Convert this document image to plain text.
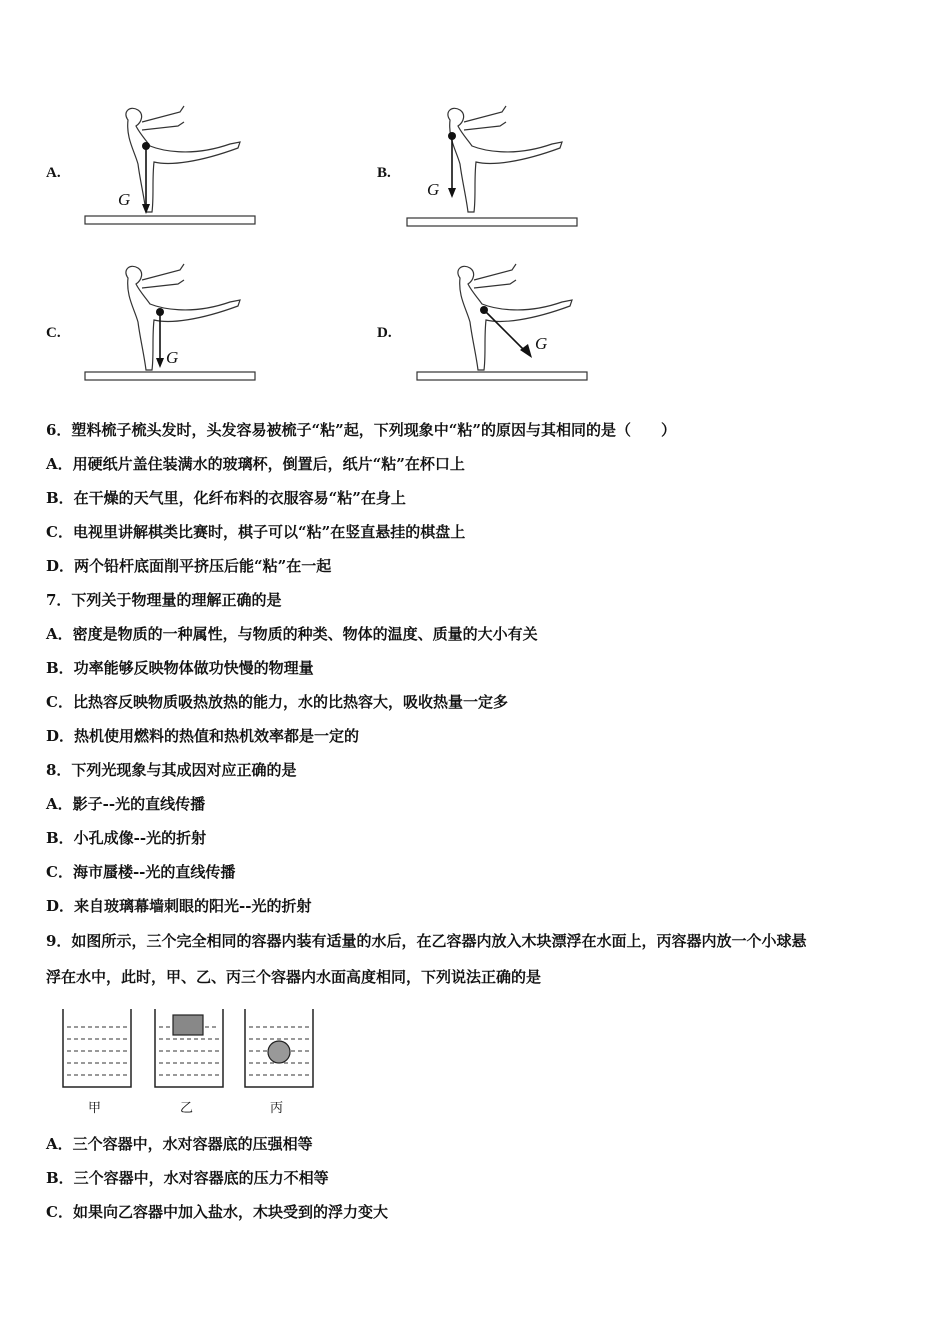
A.	B.
C.	D.
G
G
G
G
6．塑料梳子梳头发时，头发容易被梳子“粘”起，下列现象中“粘”的原因与其相同的是（　　）
A．用硬纸片盖住装满水的玻璃杯，倒置后，纸片“粘”在杯口上
B．在干燥的天气里，化纤布料的衣服容易“粘”在身上
C．电视里讲解棋类比赛时，棋子可以“粘”在竖直悬挂的棋盘上
D．两个铅杆底面削平挤压后能“粘”在一起
7．下列关于物理量的理解正确的是
A．密度是物质的一种属性，与物质的种类、物体的温度、质量的大小有关
B．功率能够反映物体做功快慢的物理量
C．比热容反映物质吸热放热的能力，水的比热容大，吸收热量一定多
D．热机使用燃料的热值和热机效率都是一定的
8．下列光现象与其成因对应正确的是
A．影子--光的直线传播
B．小孔成像--光的折射
C．海市蜃楼--光的直线传播
D．来自玻璃幕墙刺眼的阳光--光的折射
9．如图所示，三个完全相同的容器内装有适量的水后，在乙容器内放入木块漂浮在水面上，丙容器内放一个小球悬
浮在水中，此时，甲、乙、丙三个容器内水面高度相同，下列说法正确的是
甲	乙	丙
A．三个容器中，水对容器底的压强相等
B．三个容器中，水对容器底的压力不相等
C．如果向乙容器中加入盐水，木块受到的浮力变大
